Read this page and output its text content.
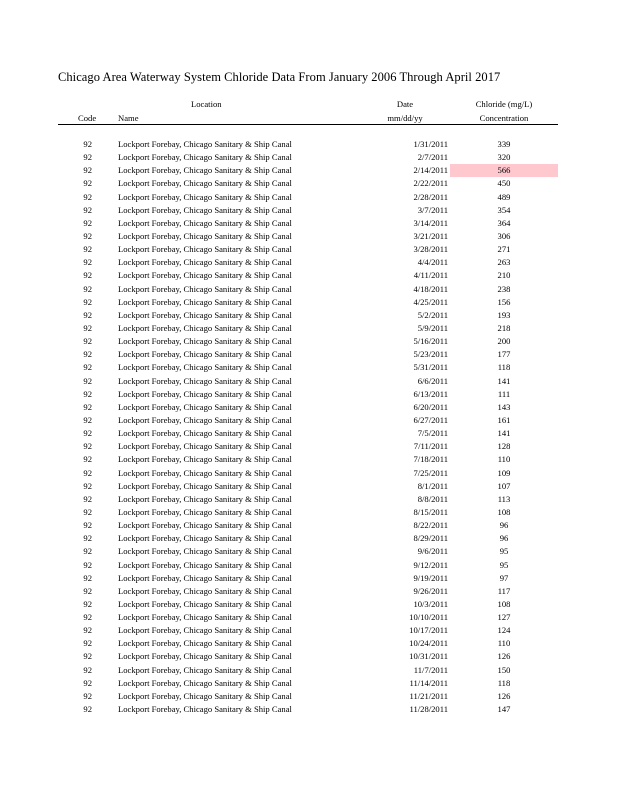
Chicago Area Waterway System Chloride Data From January 2006 Through April 2017
Location
Code	Name
Date
mm/dd/yy
Chloride (mg/L)
Concentration
92	Lockport Forebay, Chicago Sanitary & Ship Canal	1/31/2011	339
92	Lockport Forebay, Chicago Sanitary & Ship Canal	2/7/2011	320
92	Lockport Forebay, Chicago Sanitary & Ship Canal	2/14/2011	566
92	Lockport Forebay, Chicago Sanitary & Ship Canal	2/22/2011	450
92	Lockport Forebay, Chicago Sanitary & Ship Canal	2/28/2011	489
92	Lockport Forebay, Chicago Sanitary & Ship Canal	3/7/2011	354
92	Lockport Forebay, Chicago Sanitary & Ship Canal	3/14/2011	364
92	Lockport Forebay, Chicago Sanitary & Ship Canal	3/21/2011	306
92	Lockport Forebay, Chicago Sanitary & Ship Canal	3/28/2011	271
92	Lockport Forebay, Chicago Sanitary & Ship Canal	4/4/2011	263
92	Lockport Forebay, Chicago Sanitary & Ship Canal	4/11/2011	210
92	Lockport Forebay, Chicago Sanitary & Ship Canal	4/18/2011	238
92	Lockport Forebay, Chicago Sanitary & Ship Canal	4/25/2011	156
92	Lockport Forebay, Chicago Sanitary & Ship Canal	5/2/2011	193
92	Lockport Forebay, Chicago Sanitary & Ship Canal	5/9/2011	218
92	Lockport Forebay, Chicago Sanitary & Ship Canal	5/16/2011	200
92	Lockport Forebay, Chicago Sanitary & Ship Canal	5/23/2011	177
92	Lockport Forebay, Chicago Sanitary & Ship Canal	5/31/2011	118
92	Lockport Forebay, Chicago Sanitary & Ship Canal	6/6/2011	141
92	Lockport Forebay, Chicago Sanitary & Ship Canal	6/13/2011	111
92	Lockport Forebay, Chicago Sanitary & Ship Canal	6/20/2011	143
92	Lockport Forebay, Chicago Sanitary & Ship Canal	6/27/2011	161
92	Lockport Forebay, Chicago Sanitary & Ship Canal	7/5/2011	141
92	Lockport Forebay, Chicago Sanitary & Ship Canal	7/11/2011	128
92	Lockport Forebay, Chicago Sanitary & Ship Canal	7/18/2011	110
92	Lockport Forebay, Chicago Sanitary & Ship Canal	7/25/2011	109
92	Lockport Forebay, Chicago Sanitary & Ship Canal	8/1/2011	107
92	Lockport Forebay, Chicago Sanitary & Ship Canal	8/8/2011	113
92	Lockport Forebay, Chicago Sanitary & Ship Canal	8/15/2011	108
92	Lockport Forebay, Chicago Sanitary & Ship Canal	8/22/2011	96
92	Lockport Forebay, Chicago Sanitary & Ship Canal	8/29/2011	96
92	Lockport Forebay, Chicago Sanitary & Ship Canal	9/6/2011	95
92	Lockport Forebay, Chicago Sanitary & Ship Canal	9/12/2011	95
92	Lockport Forebay, Chicago Sanitary & Ship Canal	9/19/2011	97
92	Lockport Forebay, Chicago Sanitary & Ship Canal	9/26/2011	117
92	Lockport Forebay, Chicago Sanitary & Ship Canal	10/3/2011	108
92	Lockport Forebay, Chicago Sanitary & Ship Canal	10/10/2011	127
92	Lockport Forebay, Chicago Sanitary & Ship Canal	10/17/2011	124
92	Lockport Forebay, Chicago Sanitary & Ship Canal	10/24/2011	110
92	Lockport Forebay, Chicago Sanitary & Ship Canal	10/31/2011	126
92	Lockport Forebay, Chicago Sanitary & Ship Canal	11/7/2011	150
92	Lockport Forebay, Chicago Sanitary & Ship Canal	11/14/2011	118
92	Lockport Forebay, Chicago Sanitary & Ship Canal	11/21/2011	126
92	Lockport Forebay, Chicago Sanitary & Ship Canal	11/28/2011	147
